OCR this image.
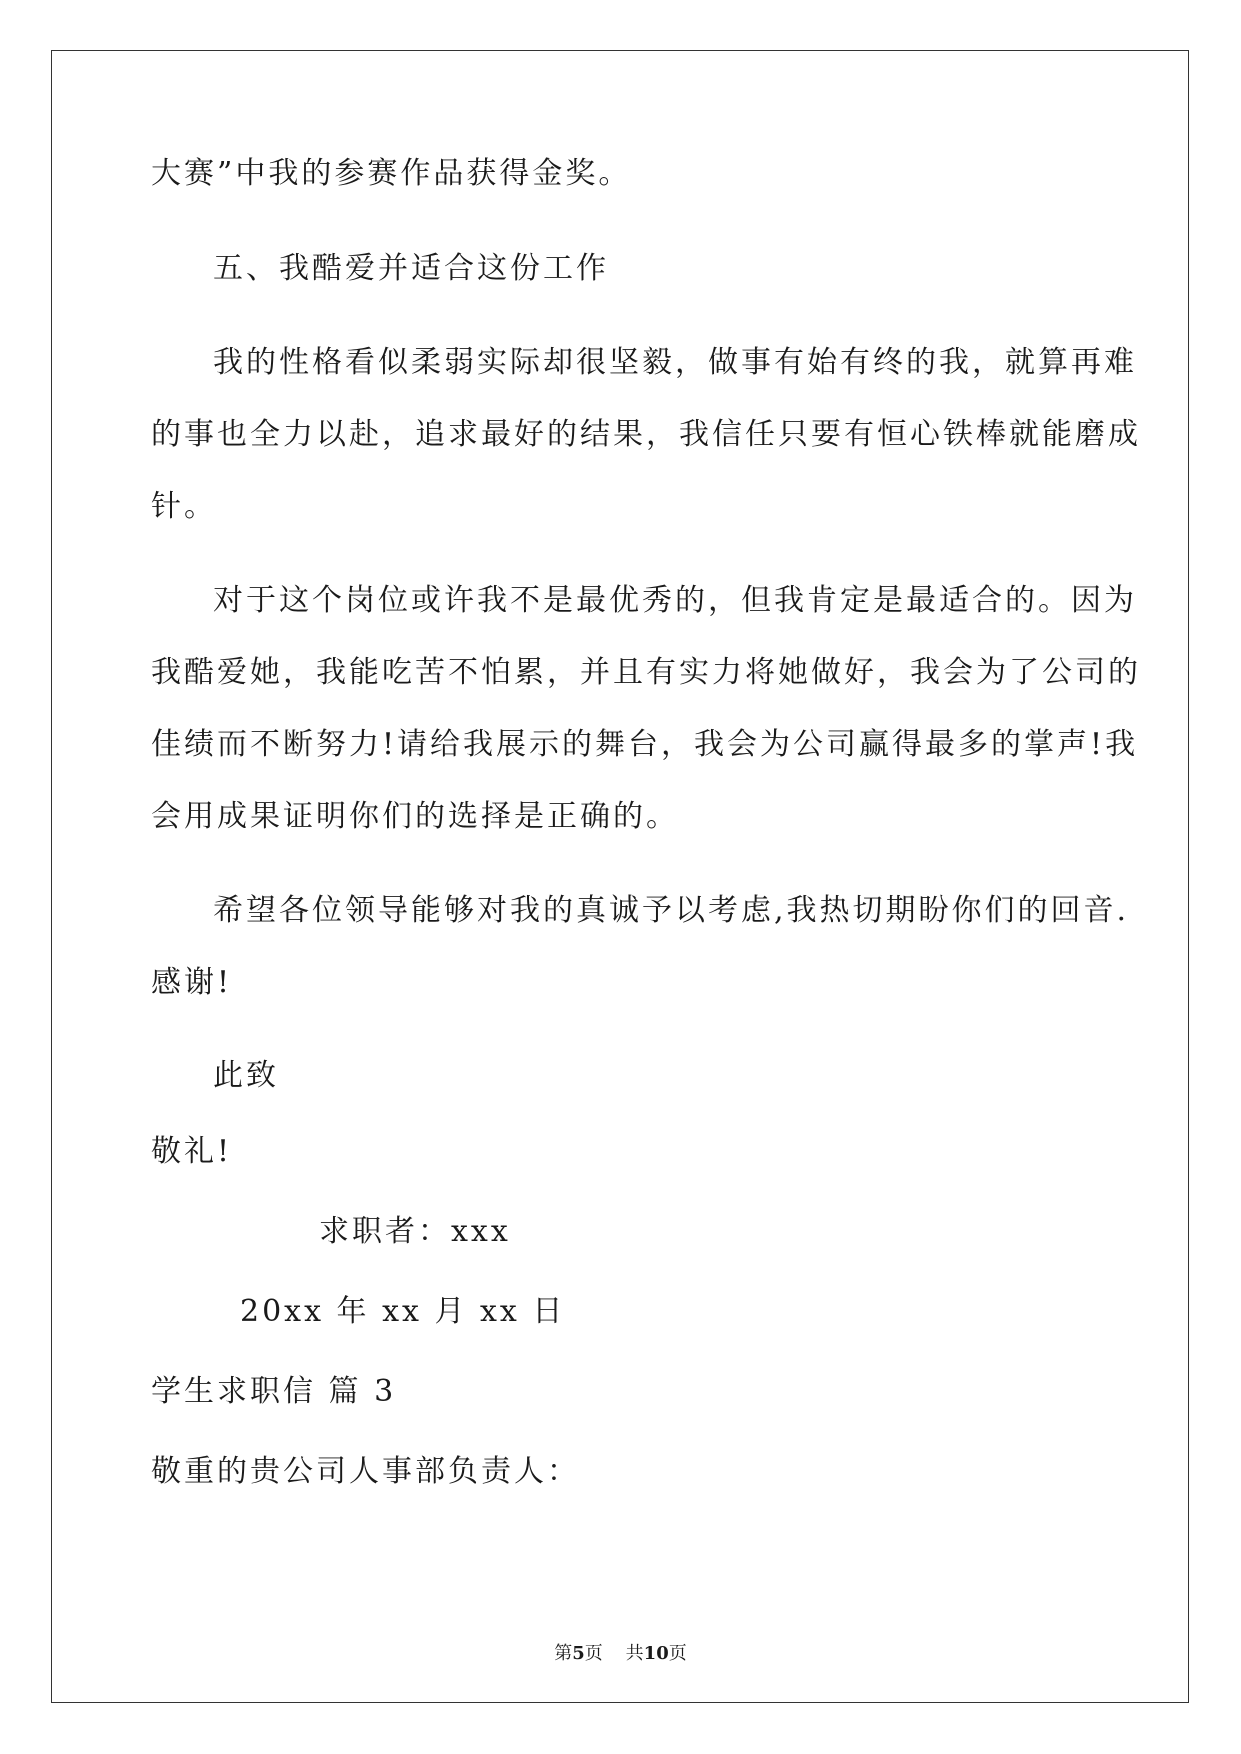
大赛”中我的参赛作品获得金奖。
五、我酷爱并适合这份工作
我的性格看似柔弱实际却很坚毅，做事有始有终的我，就算再难
的事也全力以赴，追求最好的结果，我信任只要有恒心铁棒就能磨成
针。
对于这个岗位或许我不是最优秀的，但我肯定是最适合的。因为
我酷爱她，我能吃苦不怕累，并且有实力将她做好，我会为了公司的
佳绩而不断努力!请给我展示的舞台，我会为公司赢得最多的掌声!我
会用成果证明你们的选择是正确的。
希望各位领导能够对我的真诚予以考虑,我热切期盼你们的回音.
感谢!
此致
敬礼!
求职者：xxx
20xx 年 xx 月 xx 日
学生求职信 篇 3
敬重的贵公司人事部负责人：
第5页 共10页
